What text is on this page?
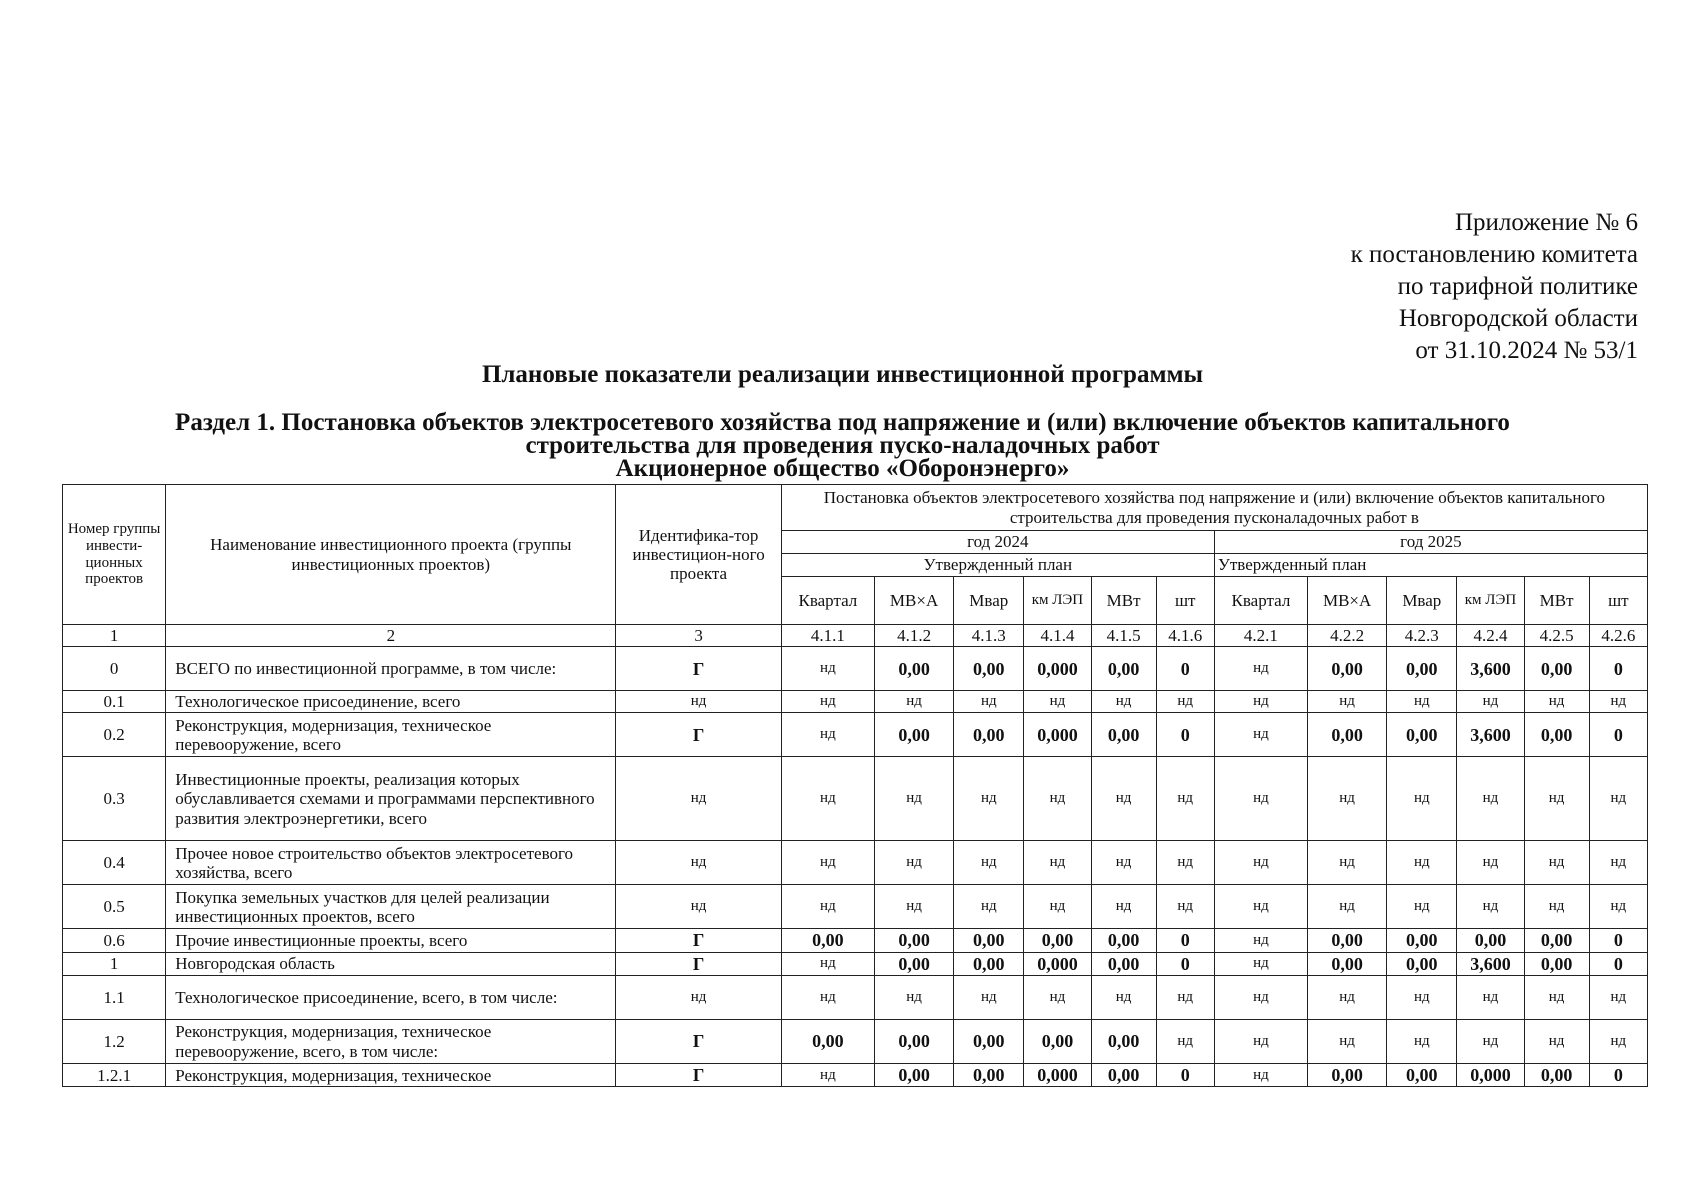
Приложение № 6
к постановлению комитета
по тарифной политике
Новгородской области
от 31.10.2024 № 53/1
Плановые показатели реализации инвестиционной программы
Раздел 1. Постановка объектов электросетевого хозяйства под напряжение и (или) включение объектов капитального
строительства для проведения пуско-наладочных работ
Акционерное общество «Оборонэнерго»
Номер группы инвести-ционных проектов	Наименование инвестиционного проекта (группы инвестиционных проектов)	Идентифика-тор инвестицион-ного проекта	Постановка объектов электросетевого хозяйства под напряжение и (или) включение объектов капитального строительства для проведения пусконаладочных работ в											
			год 2024						год 2025					
			Утвержденный план						Утвержденный план					
			Квартал	МВ×А	Мвар	км ЛЭП	МВт	шт	Квартал	МВ×А	Мвар	км ЛЭП	МВт	шт
1	2	3	4.1.1	4.1.2	4.1.3	4.1.4	4.1.5	4.1.6	4.2.1	4.2.2	4.2.3	4.2.4	4.2.5	4.2.6
0	ВСЕГО по инвестиционной программе, в том числе:	Г	нд	0,00	0,00	0,000	0,00	0	нд	0,00	0,00	3,600	0,00	0
0.1	Технологическое присоединение, всего	нд	нд	нд	нд	нд	нд	нд	нд	нд	нд	нд	нд	нд
0.2	Реконструкция, модернизация, техническое перевооружение, всего	Г	нд	0,00	0,00	0,000	0,00	0	нд	0,00	0,00	3,600	0,00	0
0.3	Инвестиционные проекты, реализация которых обуславливается схемами и программами перспективного развития электроэнергетики, всего	нд	нд	нд	нд	нд	нд	нд	нд	нд	нд	нд	нд	нд
0.4	Прочее новое строительство объектов электросетевого хозяйства, всего	нд	нд	нд	нд	нд	нд	нд	нд	нд	нд	нд	нд	нд
0.5	Покупка земельных участков для целей реализации инвестиционных проектов, всего	нд	нд	нд	нд	нд	нд	нд	нд	нд	нд	нд	нд	нд
0.6	Прочие инвестиционные проекты, всего	Г	0,00	0,00	0,00	0,00	0,00	0	нд	0,00	0,00	0,00	0,00	0
1	Новгородская область	Г	нд	0,00	0,00	0,000	0,00	0	нд	0,00	0,00	3,600	0,00	0
1.1	Технологическое присоединение, всего, в том числе:	нд	нд	нд	нд	нд	нд	нд	нд	нд	нд	нд	нд	нд
1.2	Реконструкция, модернизация, техническое перевооружение, всего, в том числе:	Г	0,00	0,00	0,00	0,00	0,00	нд	нд	нд	нд	нд	нд	нд
1.2.1	Реконструкция, модернизация, техническое	Г	нд	0,00	0,00	0,000	0,00	0	нд	0,00	0,00	0,000	0,00	0
